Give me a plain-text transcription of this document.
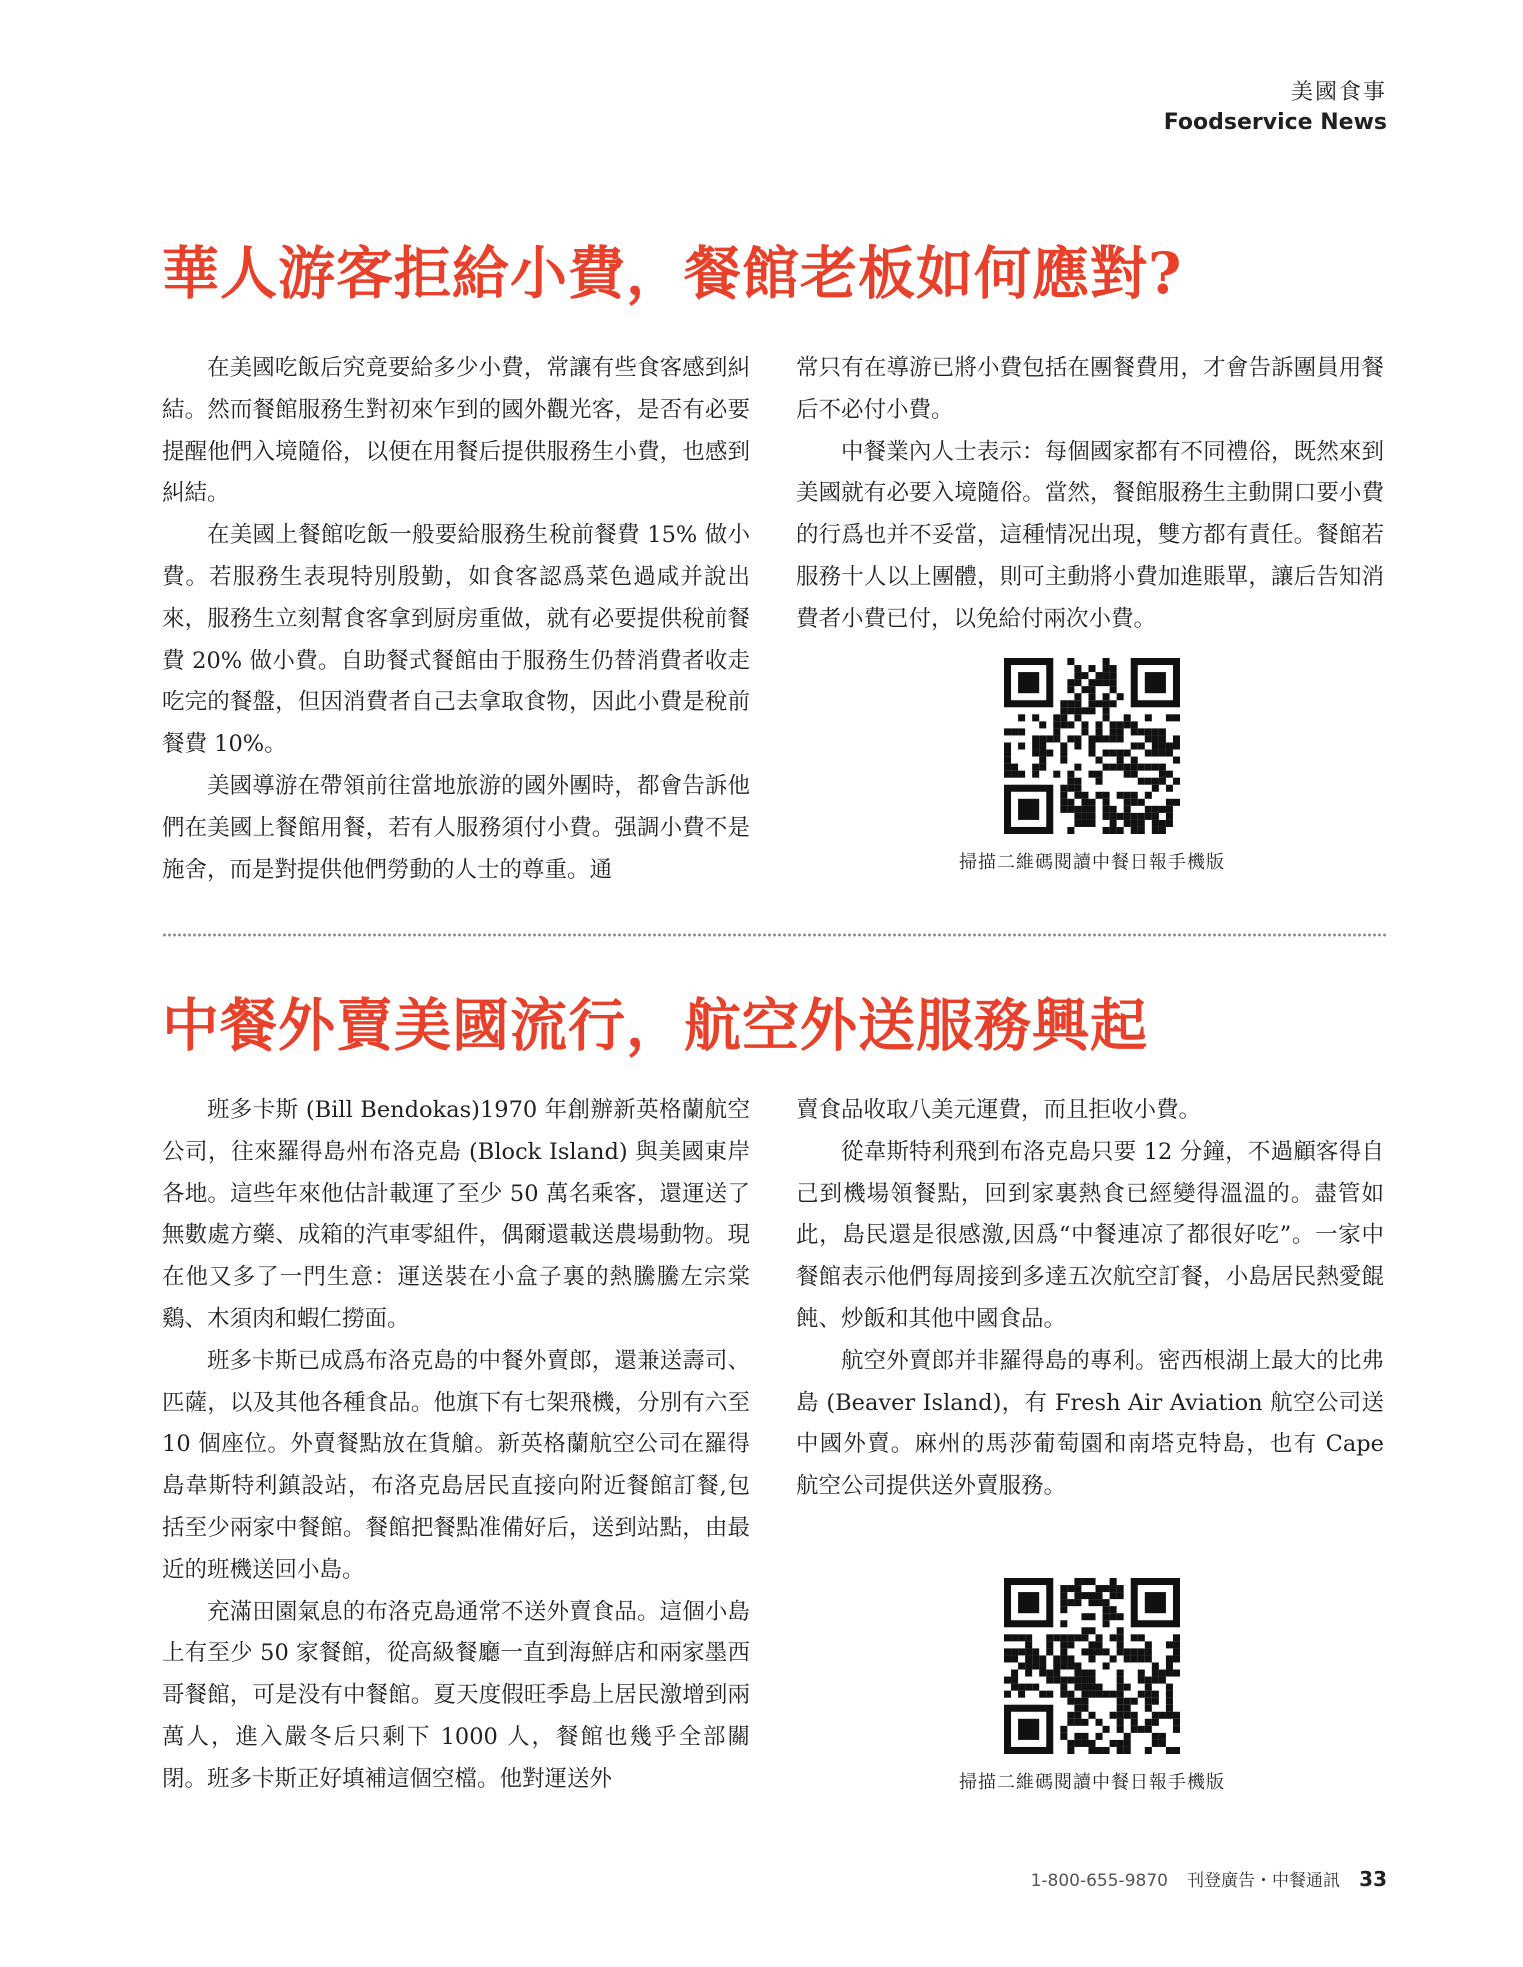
美國食事
Foodservice News
華人游客拒給小費，餐館老板如何應對?

在美國吃飯后究竟要給多少小費，常讓有些食客感到糾結。然而餐館服務生對初來乍到的國外觀光客，是否有必要提醒他們入境隨俗，以便在用餐后提供服務生小費，也感到糾結。

在美國上餐館吃飯一般要給服務生稅前餐費 15% 做小費。若服務生表現特別殷勤，如食客認爲菜色過咸并說出來，服務生立刻幫食客拿到厨房重做，就有必要提供稅前餐費 20% 做小費。自助餐式餐館由于服務生仍替消費者收走吃完的餐盤，但因消費者自己去拿取食物，因此小費是稅前餐費 10%。

美國導游在帶領前往當地旅游的國外團時，都會告訴他們在美國上餐館用餐，若有人服務須付小費。强調小費不是施舍，而是對提供他們勞動的人士的尊重。通

常只有在導游已將小費包括在團餐費用，才會告訴團員用餐后不必付小費。

中餐業內人士表示：每個國家都有不同禮俗，既然來到美國就有必要入境隨俗。當然，餐館服務生主動開口要小費的行爲也并不妥當，這種情况出現，雙方都有責任。餐館若服務十人以上團體，則可主動將小費加進賬單，讓后告知消費者小費已付，以免給付兩次小費。

掃描二維碼閱讀中餐日報手機版
中餐外賣美國流行，航空外送服務興起

班多卡斯 (Bill Bendokas)1970 年創辦新英格蘭航空公司，往來羅得島州布洛克島 (Block Island) 與美國東岸各地。這些年來他估計載運了至少 50 萬名乘客，還運送了無數處方藥、成箱的汽車零組件，偶爾還載送農場動物。現在他又多了一門生意：運送裝在小盒子裏的熱騰騰左宗棠鷄、木須肉和蝦仁撈面。

班多卡斯已成爲布洛克島的中餐外賣郎，還兼送壽司、匹薩，以及其他各種食品。他旗下有七架飛機，分別有六至 10 個座位。外賣餐點放在貨艙。新英格蘭航空公司在羅得島韋斯特利鎮設站，布洛克島居民直接向附近餐館訂餐,包括至少兩家中餐館。餐館把餐點准備好后，送到站點，由最近的班機送回小島。

充滿田園氣息的布洛克島通常不送外賣食品。這個小島上有至少 50 家餐館，從高級餐廳一直到海鮮店和兩家墨西哥餐館，可是没有中餐館。夏天度假旺季島上居民激增到兩萬人，進入嚴冬后只剩下 1000 人，餐館也幾乎全部關閉。班多卡斯正好填補這個空檔。他對運送外

賣食品收取八美元運費，而且拒收小費。

從韋斯特利飛到布洛克島只要 12 分鐘，不過顧客得自己到機場領餐點，回到家裏熱食已經變得溫溫的。盡管如此，島民還是很感激,因爲“中餐連凉了都很好吃”。一家中餐館表示他們每周接到多達五次航空訂餐，小島居民熱愛餛飩、炒飯和其他中國食品。

航空外賣郎并非羅得島的專利。密西根湖上最大的比弗島 (Beaver Island)，有 Fresh Air Aviation 航空公司送中國外賣。麻州的馬莎葡萄園和南塔克特島，也有 Cape 航空公司提供送外賣服務。

掃描二維碼閱讀中餐日報手機版
1-800-655-9870 刊登廣告・中餐通訊 33
